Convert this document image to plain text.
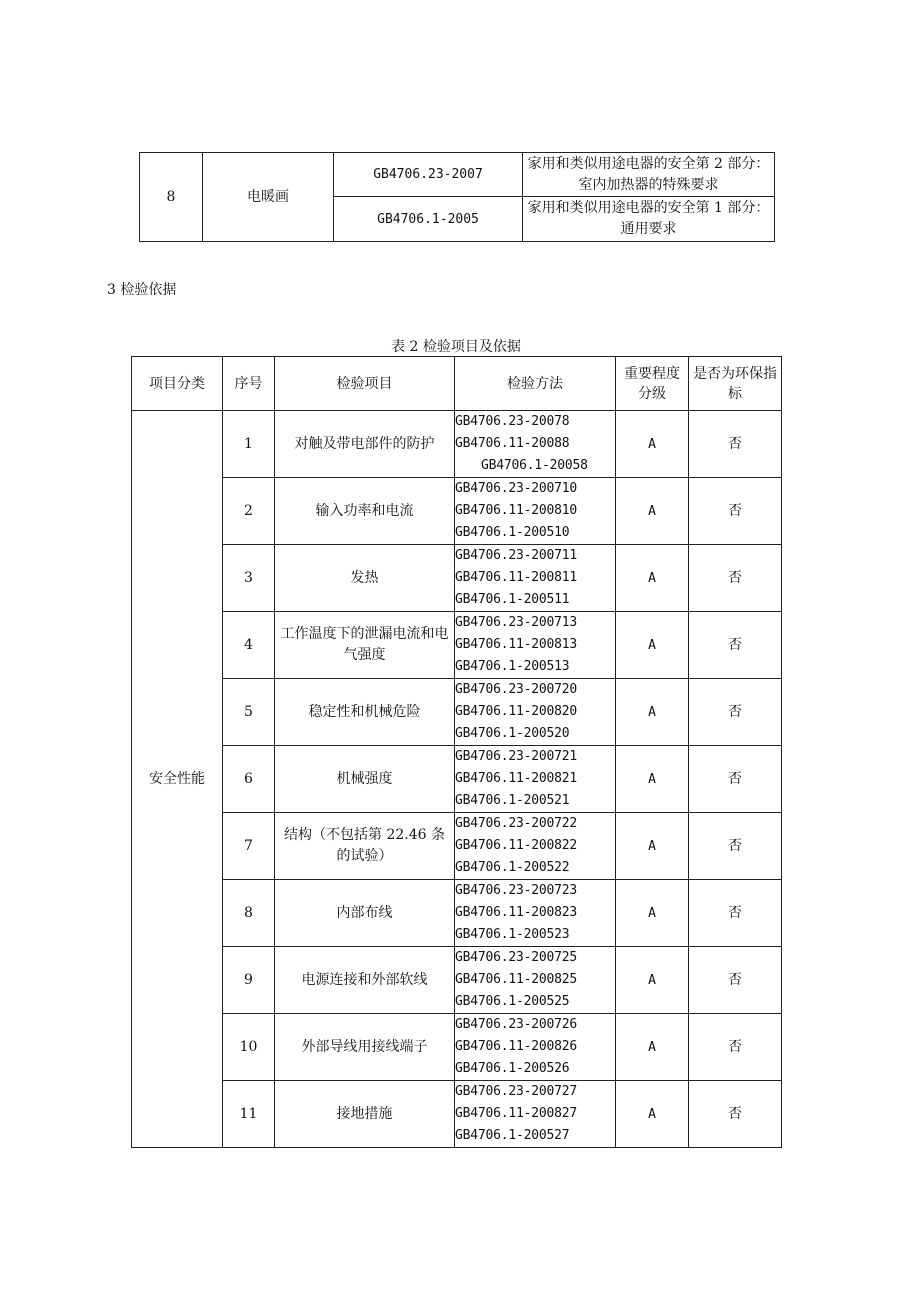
8	电暖画	GB4706.23-2007	家用和类似用途电器的安全第 2 部分：室内加热器的特殊要求
		GB4706.1-2005	家用和类似用途电器的安全第 1 部分：通用要求
3 检验依据
表 2 检验项目及依据
项目分类	序号	检验项目	检验方法	重要程度分级	是否为环保指标
安全性能	1	对触及带电部件的防护	GB4706.23-20078
GB4706.11-20088
GB4706.1-20058	A	否
	2	输入功率和电流	GB4706.23-200710
GB4706.11-200810
GB4706.1-200510	A	否
	3	发热	GB4706.23-200711
GB4706.11-200811
GB4706.1-200511	A	否
	4	工作温度下的泄漏电流和电气强度	GB4706.23-200713
GB4706.11-200813
GB4706.1-200513	A	否
	5	稳定性和机械危险	GB4706.23-200720
GB4706.11-200820
GB4706.1-200520	A	否
	6	机械强度	GB4706.23-200721
GB4706.11-200821
GB4706.1-200521	A	否
	7	结构（不包括第 22.46 条的试验）	GB4706.23-200722
GB4706.11-200822
GB4706.1-200522	A	否
	8	内部布线	GB4706.23-200723
GB4706.11-200823
GB4706.1-200523	A	否
	9	电源连接和外部软线	GB4706.23-200725
GB4706.11-200825
GB4706.1-200525	A	否
	10	外部导线用接线端子	GB4706.23-200726
GB4706.11-200826
GB4706.1-200526	A	否
	11	接地措施	GB4706.23-200727
GB4706.11-200827
GB4706.1-200527	A	否
